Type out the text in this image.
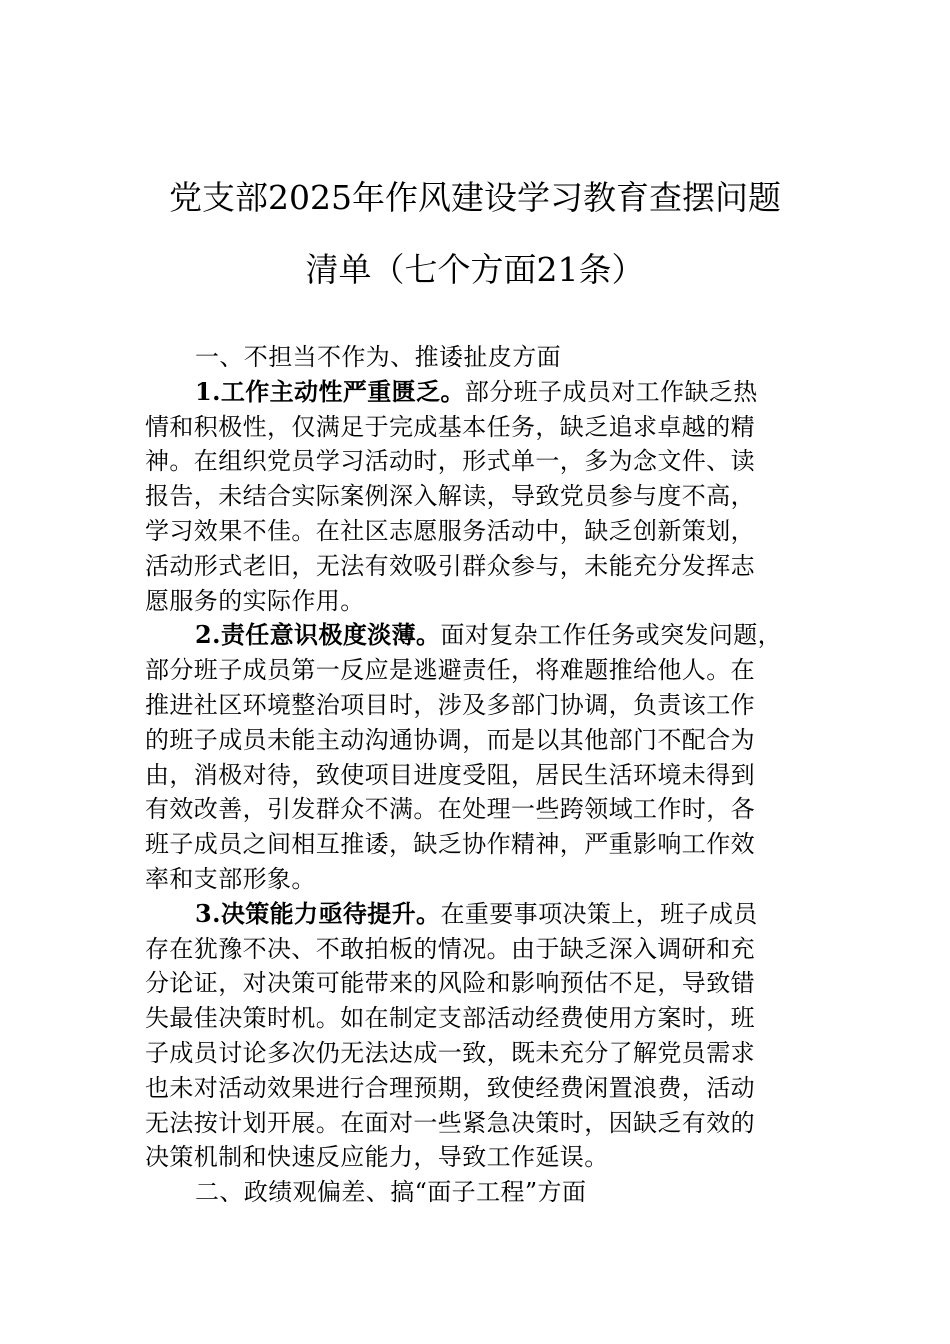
党支部2025年作风建设学习教育查摆问题
清单（七个方面21条）

一、不担当不作为、推诿扯皮方面

1.工作主动性严重匮乏。部分班子成员对工作缺乏热
情和积极性，仅满足于完成基本任务，缺乏追求卓越的精
神。在组织党员学习活动时，形式单一，多为念文件、读
报告，未结合实际案例深入解读，导致党员参与度不高，
学习效果不佳。在社区志愿服务活动中，缺乏创新策划，
活动形式老旧，无法有效吸引群众参与，未能充分发挥志
愿服务的实际作用。
2.责任意识极度淡薄。面对复杂工作任务或突发问题，
部分班子成员第一反应是逃避责任，将难题推给他人。在
推进社区环境整治项目时，涉及多部门协调，负责该工作
的班子成员未能主动沟通协调，而是以其他部门不配合为
由，消极对待，致使项目进度受阻，居民生活环境未得到
有效改善，引发群众不满。在处理一些跨领域工作时，各
班子成员之间相互推诿，缺乏协作精神，严重影响工作效
率和支部形象。
3.决策能力亟待提升。在重要事项决策上，班子成员
存在犹豫不决、不敢拍板的情况。由于缺乏深入调研和充
分论证，对决策可能带来的风险和影响预估不足，导致错
失最佳决策时机。如在制定支部活动经费使用方案时，班
子成员讨论多次仍无法达成一致，既未充分了解党员需求
也未对活动效果进行合理预期，致使经费闲置浪费，活动
无法按计划开展。在面对一些紧急决策时，因缺乏有效的
决策机制和快速反应能力，导致工作延误。

二、政绩观偏差、搞“面子工程”方面
